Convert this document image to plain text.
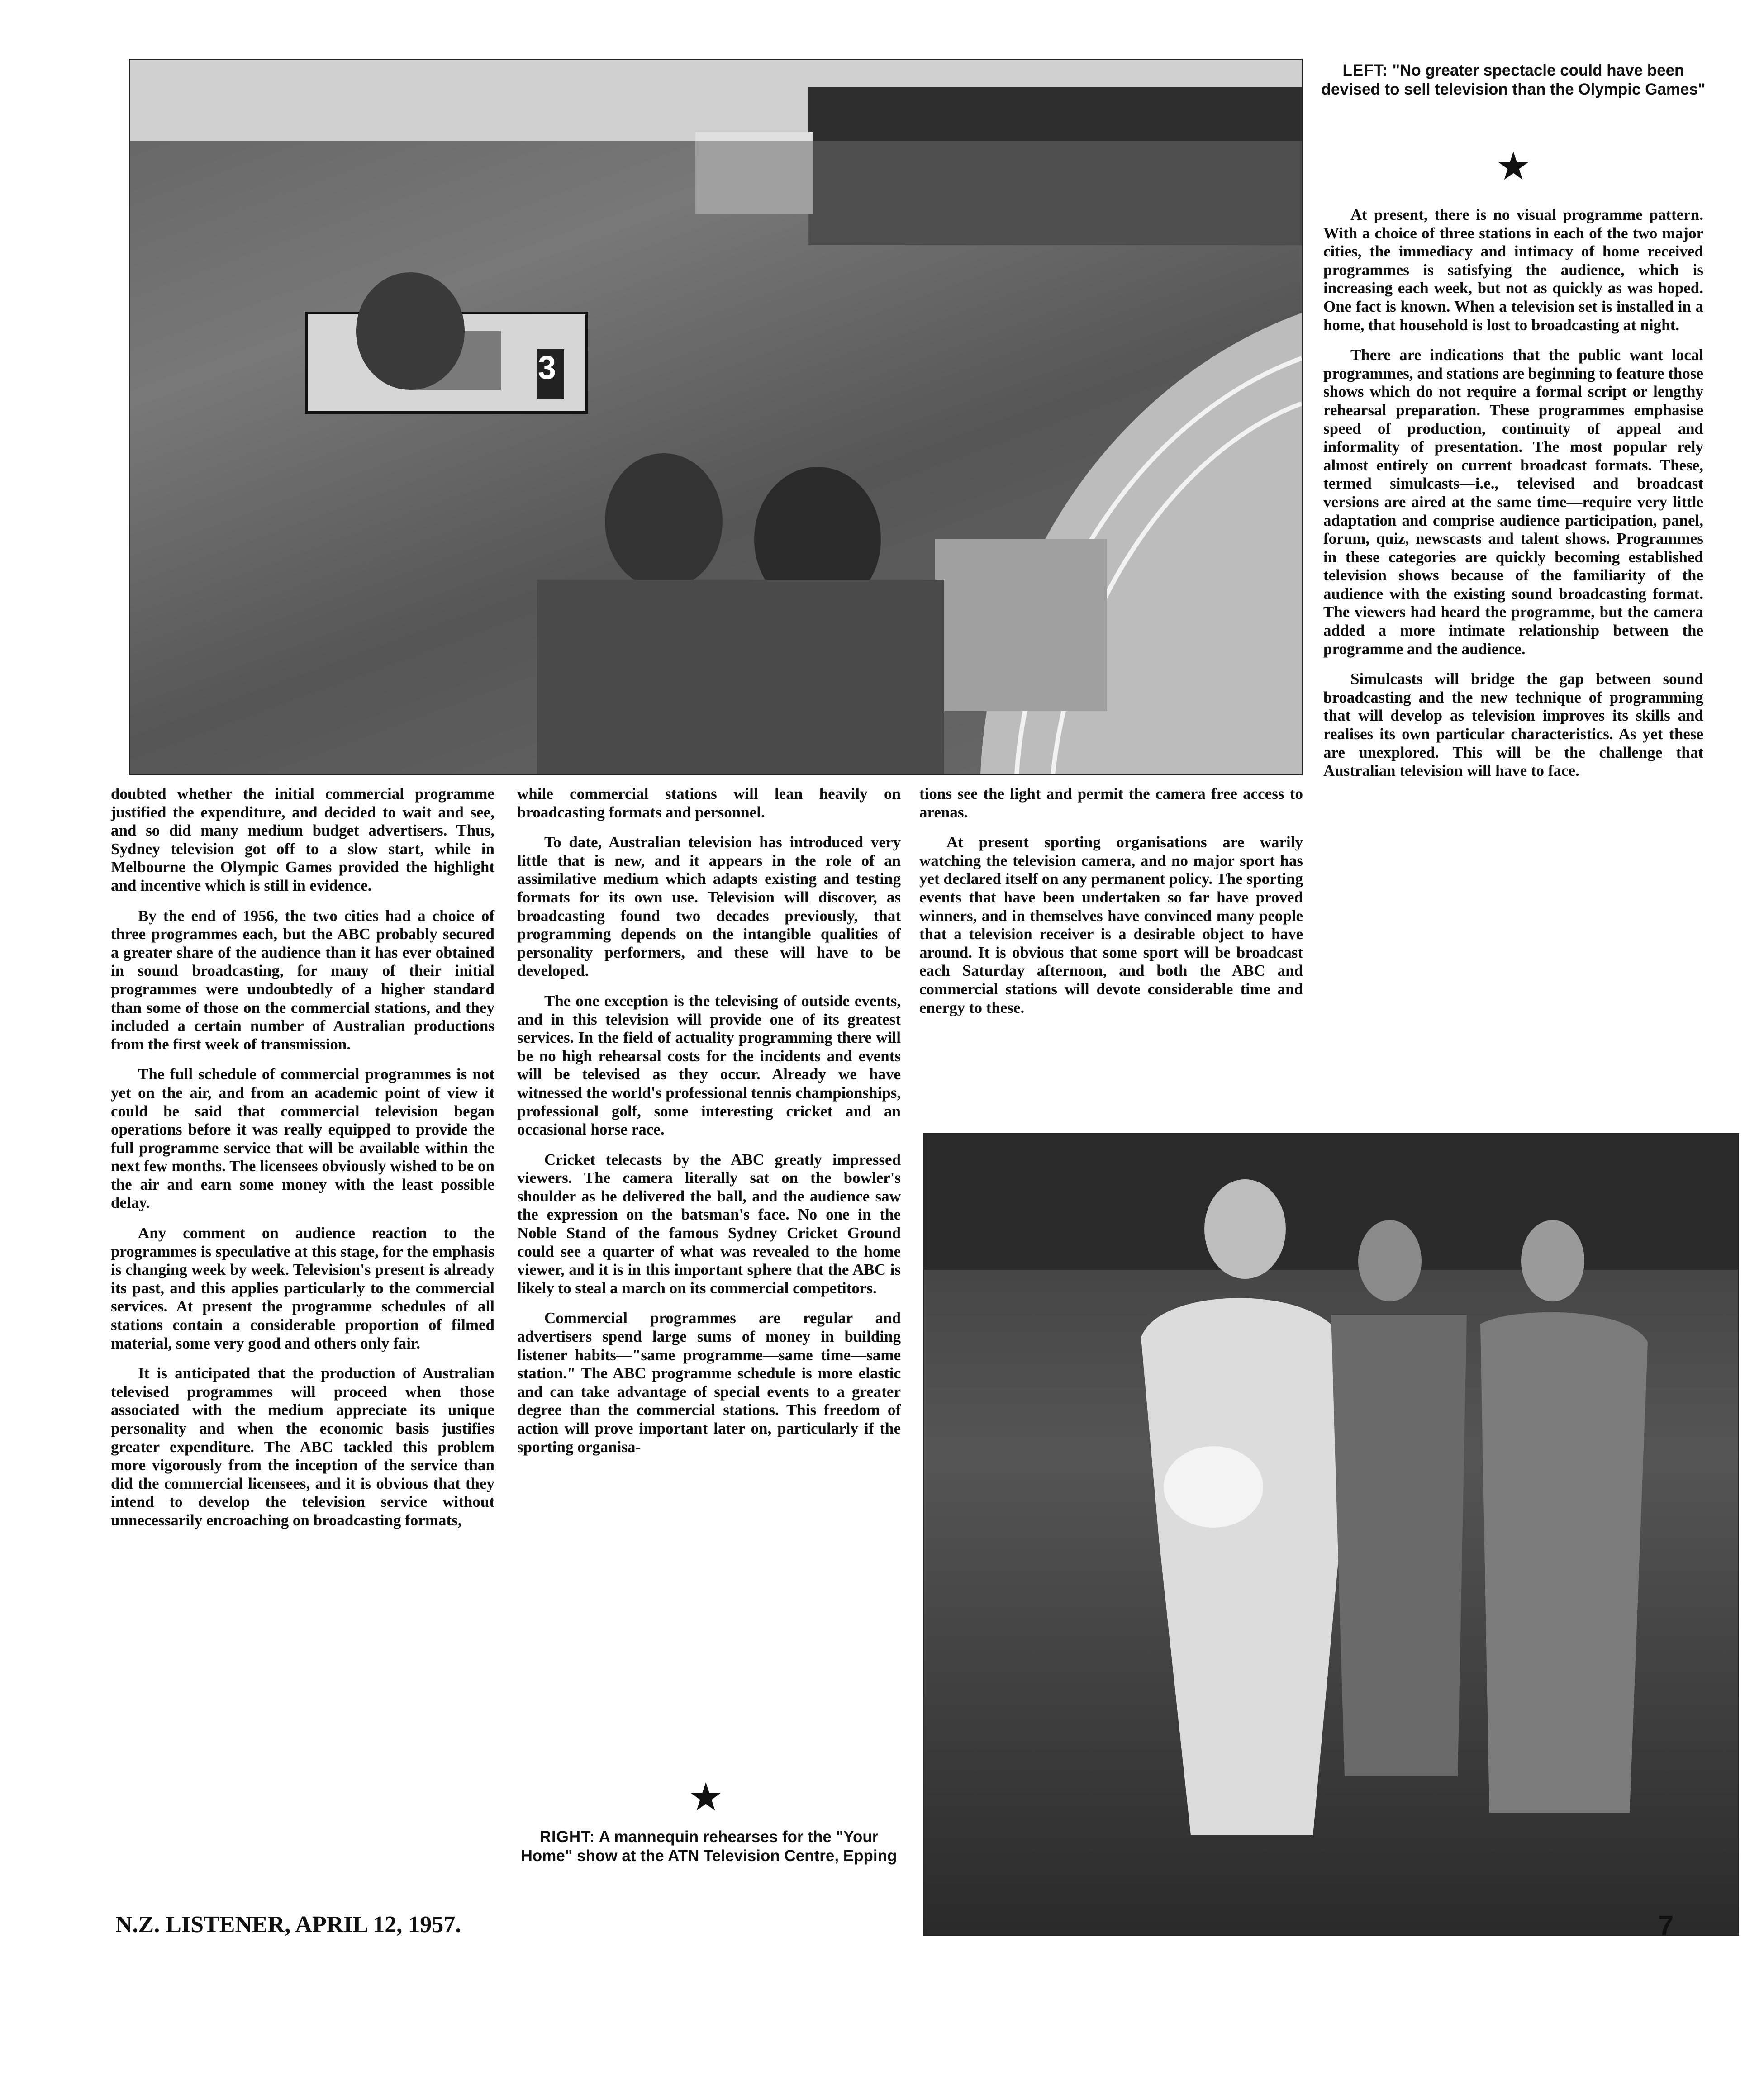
3
LEFT: "No greater spectacle could have been devised to sell television than the Olympic Games"
★

doubted whether the initial commercial programme justified the expenditure, and decided to wait and see, and so did many medium budget advertisers. Thus, Sydney television got off to a slow start, while in Melbourne the Olympic Games provided the highlight and incentive which is still in evidence.

By the end of 1956, the two cities had a choice of three programmes each, but the ABC probably secured a greater share of the audience than it has ever obtained in sound broadcasting, for many of their initial programmes were undoubtedly of a higher standard than some of those on the commercial stations, and they included a certain number of Australian productions from the first week of transmission.

The full schedule of commercial programmes is not yet on the air, and from an academic point of view it could be said that commercial television began operations before it was really equipped to provide the full programme service that will be available within the next few months. The licensees obviously wished to be on the air and earn some money with the least possible delay.

Any comment on audience reaction to the programmes is speculative at this stage, for the emphasis is changing week by week. Television's present is already its past, and this applies particularly to the commercial services. At present the programme schedules of all stations contain a considerable proportion of filmed material, some very good and others only fair.

It is anticipated that the production of Australian televised programmes will proceed when those associated with the medium appreciate its unique personality and when the economic basis justifies greater expenditure. The ABC tackled this problem more vigorously from the inception of the service than did the commercial licensees, and it is obvious that they intend to develop the television service without unnecessarily encroaching on broadcasting formats,

while commercial stations will lean heavily on broadcasting formats and personnel.

To date, Australian television has introduced very little that is new, and it appears in the role of an assimilative medium which adapts existing and testing formats for its own use. Television will discover, as broadcasting found two decades previously, that programming depends on the intangible qualities of personality performers, and these will have to be developed.

The one exception is the televising of outside events, and in this television will provide one of its greatest services. In the field of actuality programming there will be no high rehearsal costs for the incidents and events will be televised as they occur. Already we have witnessed the world's professional tennis championships, professional golf, some interesting cricket and an occasional horse race.

Cricket telecasts by the ABC greatly impressed viewers. The camera literally sat on the bowler's shoulder as he delivered the ball, and the audience saw the expression on the batsman's face. No one in the Noble Stand of the famous Sydney Cricket Ground could see a quarter of what was revealed to the home viewer, and it is in this important sphere that the ABC is likely to steal a march on its commercial competitors.

Commercial programmes are regular and advertisers spend large sums of money in building listener habits—"same programme—same time—same station." The ABC programme schedule is more elastic and can take advantage of special events to a greater degree than the commercial stations. This freedom of action will prove important later on, particularly if the sporting organisa-

★
RIGHT: A mannequin rehearses for the "Your Home" show at the ATN Television Centre, Epping

tions see the light and permit the camera free access to arenas.

At present sporting organisations are warily watching the television camera, and no major sport has yet declared itself on any permanent policy. The sporting events that have been undertaken so far have proved winners, and in themselves have convinced many people that a television receiver is a desirable object to have around. It is obvious that some sport will be broadcast each Saturday afternoon, and both the ABC and commercial stations will devote considerable time and energy to these.

At present, there is no visual programme pattern. With a choice of three stations in each of the two major cities, the immediacy and intimacy of home received programmes is satisfying the audience, which is increasing each week, but not as quickly as was hoped. One fact is known. When a television set is installed in a home, that household is lost to broadcasting at night.

There are indications that the public want local programmes, and stations are beginning to feature those shows which do not require a formal script or lengthy rehearsal preparation. These programmes emphasise speed of production, continuity of appeal and informality of presentation. The most popular rely almost entirely on current broadcast formats. These, termed simulcasts—i.e., televised and broadcast versions are aired at the same time—require very little adaptation and comprise audience participation, panel, forum, quiz, newscasts and talent shows. Programmes in these categories are quickly becoming established television shows because of the familiarity of the audience with the existing sound broadcasting format. The viewers had heard the programme, but the camera added a more intimate relationship between the programme and the audience.

Simulcasts will bridge the gap between sound broadcasting and the new technique of programming that will develop as television improves its skills and realises its own particular characteristics. As yet these are unexplored. This will be the challenge that Australian television will have to face.

N.Z. LISTENER, APRIL 12, 1957.	7
